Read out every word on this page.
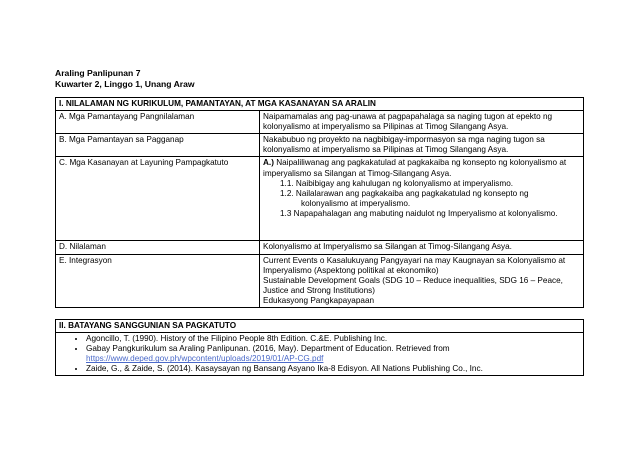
Araling Panlipunan 7
Kuwarter 2, Linggo 1, Unang Araw
I. NILALAMAN NG KURIKULUM, PAMANTAYAN, AT MGA KASANAYAN SA ARALIN	
A. Mga Pamantayang Pangnilalaman	Naipamamalas ang pag-unawa at pagpapahalaga sa naging tugon at epekto ng kolonyalismo at imperyalismo sa Pilipinas at Timog Silangang Asya.
B. Mga Pamantayan sa Pagganap	Nakabubuo ng proyekto na nagbibigay-impormasyon sa mga naging tugon sa kolonyalismo at imperyalismo sa Pilipinas at Timog Silangang Asya.
C. Mga Kasanayan at Layuning Pampagkatuto	A.) Naipaliliwanag ang pagkakatulad at pagkakaiba ng konsepto ng kolonyalismo at imperyalismo sa Silangan at Timog-Silangang Asya.
1.1. Naibibigay ang kahulugan ng kolonyalismo at imperyalismo.
1.2. Nailalarawan ang pagkakaiba ang pagkakatulad ng konsepto ng
kolonyalismo at imperyalismo.
1.3 Napapahalagan ang mabuting naidulot ng Imperyalismo at kolonyalismo.

D. Nilalaman	Kolonyalismo at Imperyalismo sa Silangan at Timog-Silangang Asya.
E. Integrasyon	Current Events o Kasalukuyang Pangyayari na may Kaugnayan sa Kolonyalismo at Imperyalismo (Aspektong politikal at ekonomiko)
Sustainable Development Goals (SDG 10 – Reduce inequalities, SDG 16 – Peace, Justice and Strong Institutions)
Edukasyong Pangkapayapaan
II. BATAYANG SANGGUNIAN SA PAGKATUTO

• Agoncillo, T. (1990). History of the Filipino People 8th Edition. C.&E. Publishing Inc.
• Gabay Pangkurikulum sa Araling Panlipunan. (2016, May). Department of Education. Retrieved from
https://www.deped.gov.ph/wpcontent/uploads/2019/01/AP-CG.pdf
• Zaide, G., & Zaide, S. (2014). Kasaysayan ng Bansang Asyano Ika-8 Edisyon. All Nations Publishing Co., Inc.
